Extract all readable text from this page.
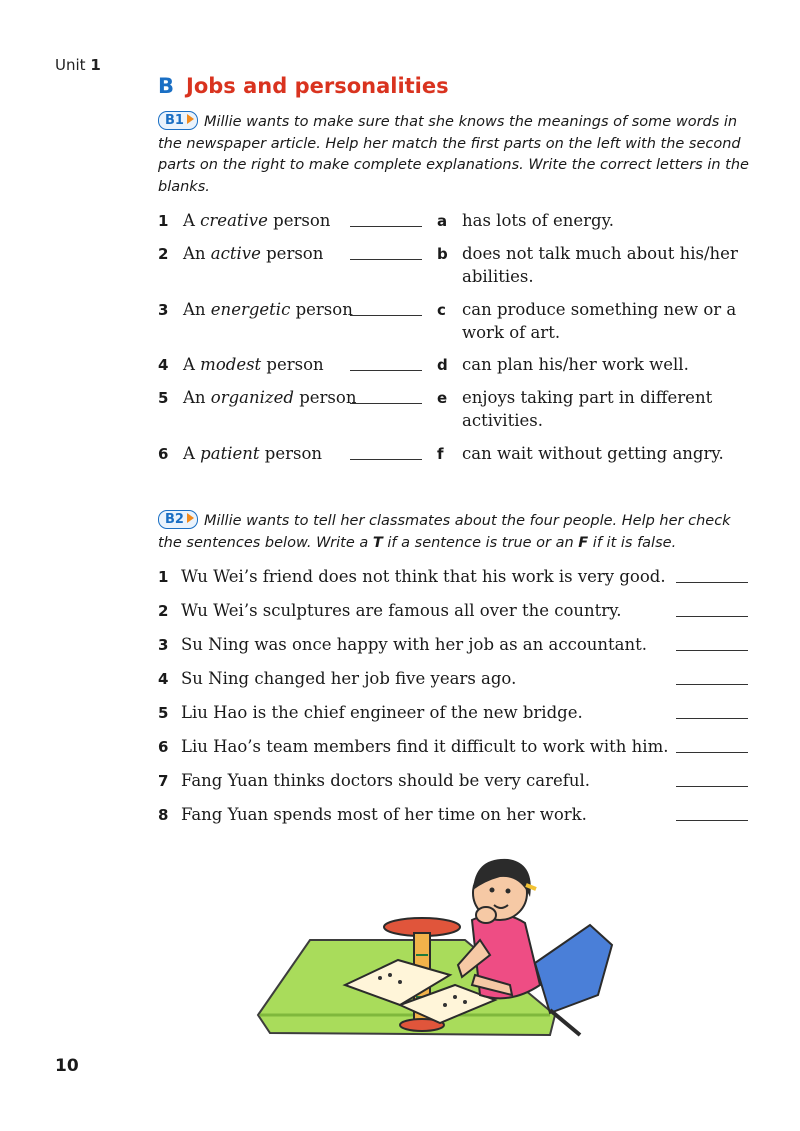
Unit 1
B Jobs and personalities
B1 Millie wants to make sure that she knows the meanings of some words in the newspaper article. Help her match the first parts on the left with the second parts on the right to make complete explanations. Write the correct letters in the blanks.
1 A creative person	a has lots of energy.
2 An active person	b does not talk much about his/her abilities.
3 An energetic person	c can produce something new or a work of art.
4 A modest person	d can plan his/her work well.
5 An organized person	e enjoys taking part in different activities.
6 A patient person	f can wait without getting angry.
B2 Millie wants to tell her classmates about the four people. Help her check the sentences below. Write a T if a sentence is true or an F if it is false.
1 Wu Wei’s friend does not think that his work is very good.
2 Wu Wei’s sculptures are famous all over the country.
3 Su Ning was once happy with her job as an accountant.
4 Su Ning changed her job five years ago.
5 Liu Hao is the chief engineer of the new bridge.
6 Liu Hao’s team members find it difficult to work with him.
7 Fang Yuan thinks doctors should be very careful.
8 Fang Yuan spends most of her time on her work.
10
